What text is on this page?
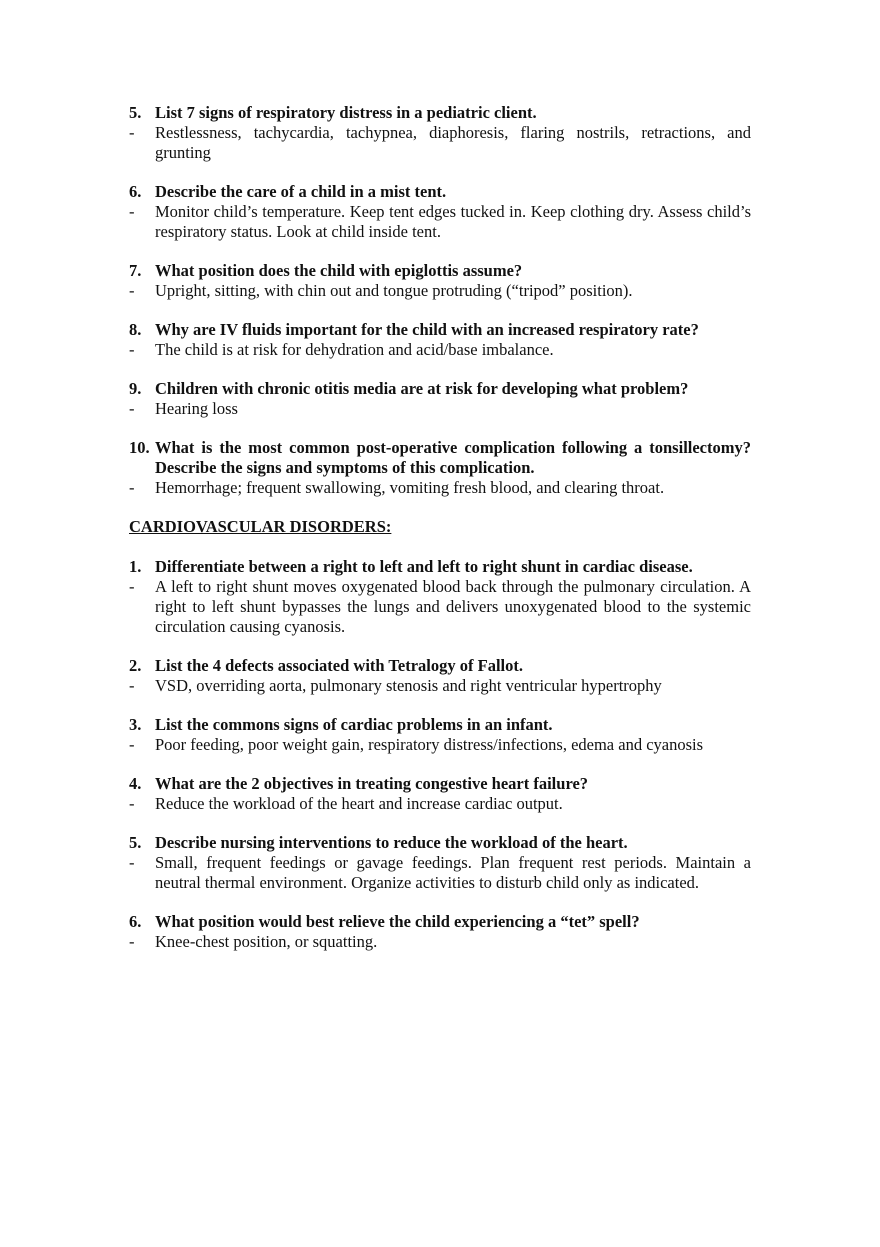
5. List 7 signs of respiratory distress in a pediatric client.
-	Restlessness, tachycardia, tachypnea, diaphoresis, flaring nostrils, retractions, and grunting
6. Describe the care of a child in a mist tent.
-	Monitor child’s temperature. Keep tent edges tucked in. Keep clothing dry. Assess child’s respiratory status. Look at child inside tent.
7. What position does the child with epiglottis assume?
-	Upright, sitting, with chin out and tongue protruding (“tripod” position).
8. Why are IV fluids important for the child with an increased respiratory rate?
-	The child is at risk for dehydration and acid/base imbalance.
9. Children with chronic otitis media are at risk for developing what problem?
-	Hearing loss
10. What is the most common post-operative complication following a tonsillectomy? Describe the signs and symptoms of this complication.
-	Hemorrhage; frequent swallowing, vomiting fresh blood, and clearing throat.
CARDIOVASCULAR DISORDERS:
1. Differentiate between a right to left and left to right shunt in cardiac disease.
-	A left to right shunt moves oxygenated blood back through the pulmonary circulation. A right to left shunt bypasses the lungs and delivers unoxygenated blood to the systemic circulation causing cyanosis.
2. List the 4 defects associated with Tetralogy of Fallot.
-	VSD, overriding aorta, pulmonary stenosis and right ventricular hypertrophy
3. List the commons signs of cardiac problems in an infant.
-	Poor feeding, poor weight gain, respiratory distress/infections, edema and cyanosis
4. What are the 2 objectives in treating congestive heart failure?
-	Reduce the workload of the heart and increase cardiac output.
5. Describe nursing interventions to reduce the workload of the heart.
-	Small, frequent feedings or gavage feedings. Plan frequent rest periods. Maintain a neutral thermal environment. Organize activities to disturb child only as indicated.
6. What position would best relieve the child experiencing a “tet” spell?
-	Knee-chest position, or squatting.
